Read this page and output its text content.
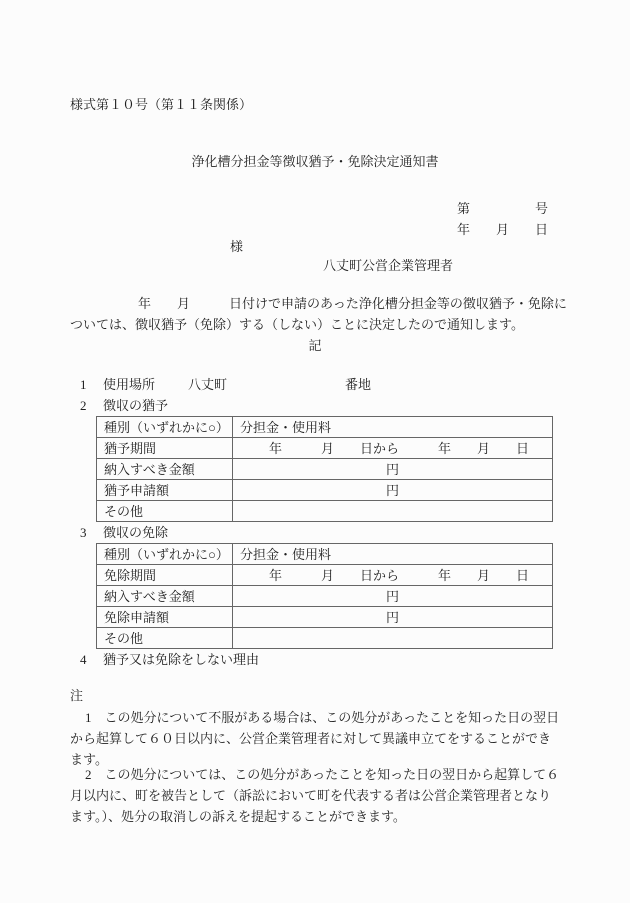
様式第１０号（第１１条関係）
浄化槽分担金等徴収猶予・免除決定通知書
第　　　　　号
年　　月　　日
様
八丈町公営企業管理者
年　　月　　　日付けで申請のあった浄化槽分担金等の徴収猶予・免除に
ついては、徴収猶予（免除）する（しない）ことに決定したので通知します。
記
1 使用場所	八丈町	番地
2 徴収の猶予
種別（いずれかに○）	分担金・使用料
猶予期間	年　　　月　　日から　　　年　　月　　日
納入すべき金額	円
猶予申請額	円
その他	
3 徴収の免除
種別（いずれかに○）	分担金・使用料
免除期間	年　　　月　　日から　　　年　　月　　日
納入すべき金額	円
免除申請額	円
その他	
4 猶予又は免除をしない理由
注
1　この処分について不服がある場合は、この処分があったことを知った日の翌日
から起算して６０日以内に、公営企業管理者に対して異議申立てをすることができ
ます。
2　この処分については、この処分があったことを知った日の翌日から起算して６
月以内に、町を被告として（訴訟において町を代表する者は公営企業管理者となり
ます。）、処分の取消しの訴えを提起することができます。
